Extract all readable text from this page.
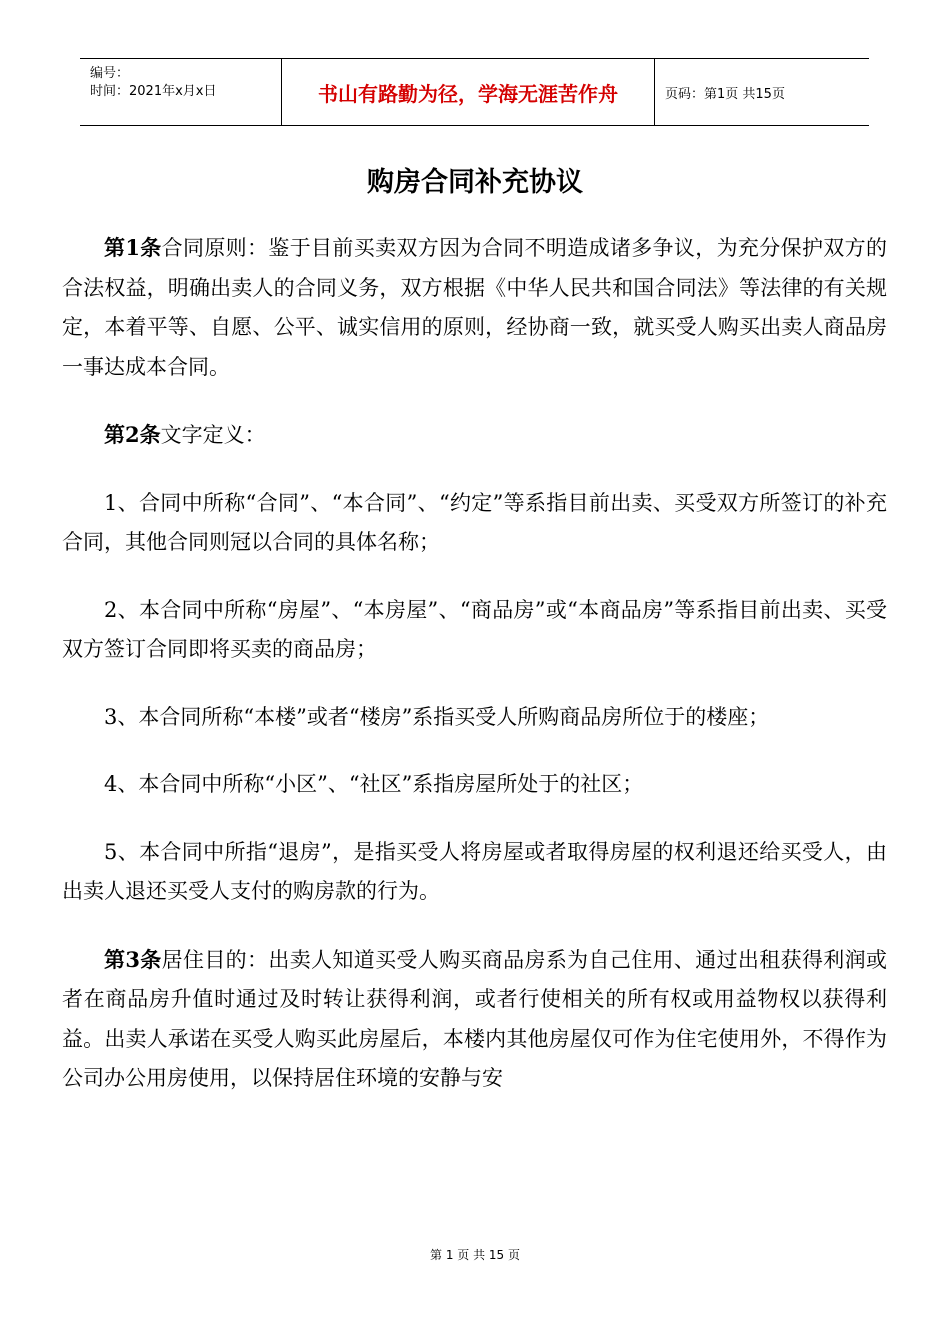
编号：
时间：2021年x月x日	书山有路勤为径，学海无涯苦作舟	页码：第1页 共15页
购房合同补充协议

第1条合同原则：鉴于目前买卖双方因为合同不明造成诸多争议，为充分保护双方的合法权益，明确出卖人的合同义务，双方根据《中华人民共和国合同法》等法律的有关规定，本着平等、自愿、公平、诚实信用的原则，经协商一致，就买受人购买出卖人商品房一事达成本合同。

第2条文字定义：

1、合同中所称“合同”、“本合同”、“约定”等系指目前出卖、买受双方所签订的补充合同，其他合同则冠以合同的具体名称；

2、本合同中所称“房屋”、“本房屋”、“商品房”或“本商品房”等系指目前出卖、买受双方签订合同即将买卖的商品房；

3、本合同所称“本楼”或者“楼房”系指买受人所购商品房所位于的楼座；

4、本合同中所称“小区”、“社区”系指房屋所处于的社区；

5、本合同中所指“退房”，是指买受人将房屋或者取得房屋的权利退还给买受人，由出卖人退还买受人支付的购房款的行为。

第3条居住目的：出卖人知道买受人购买商品房系为自己住用、通过出租获得利润或者在商品房升值时通过及时转让获得利润，或者行使相关的所有权或用益物权以获得利益。出卖人承诺在买受人购买此房屋后，本楼内其他房屋仅可作为住宅使用外，不得作为公司办公用房使用，以保持居住环境的安静与安

第 1 页 共 15 页
